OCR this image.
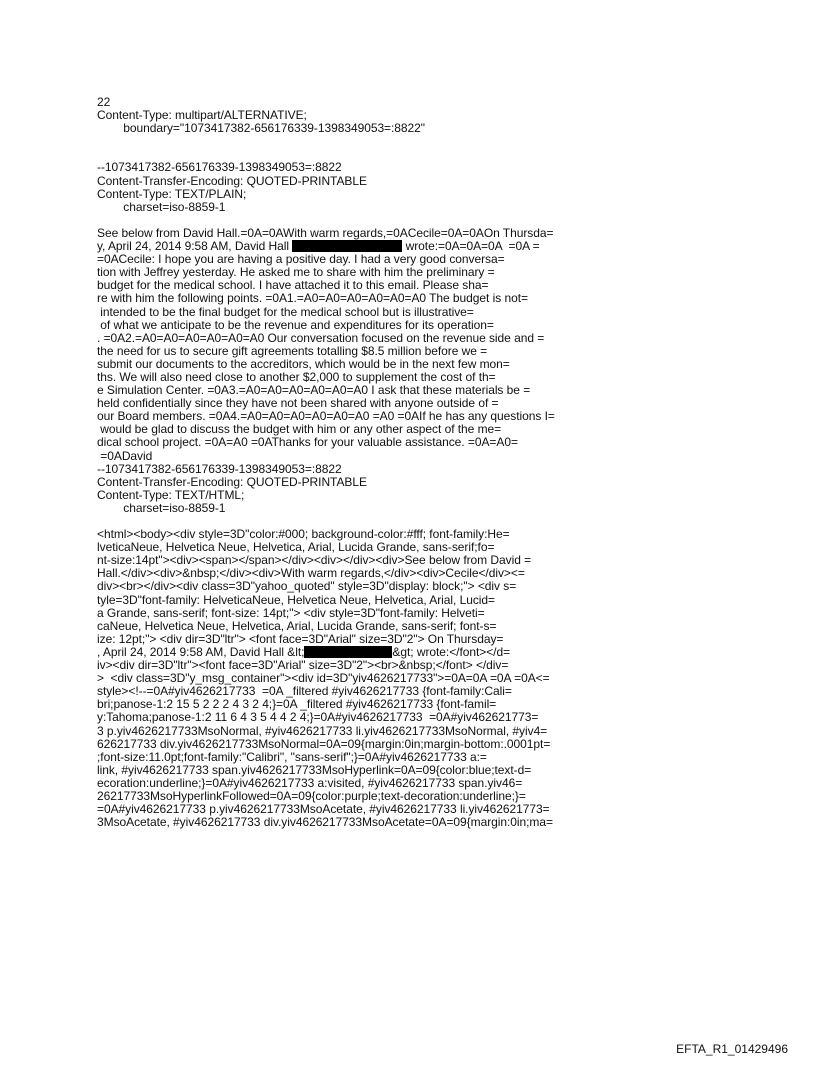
22
Content-Type: multipart/ALTERNATIVE;
boundary="1073417382-656176339-1398349053=:8822"
--1073417382-656176339-1398349053=:8822
Content-Transfer-Encoding: QUOTED-PRINTABLE
Content-Type: TEXT/PLAIN;
charset=iso-8859-1
See below from David Hall.=0A=0AWith warm regards,=0ACecile=0A=0AOn Thursda=
y, April 24, 2014 9:58 AM, David Hall	wrote:=0A=0A=0A  =0A =
=0ACecile: I hope you are having a positive day. I had a very good conversa=
tion with Jeffrey yesterday. He asked me to share with him the preliminary =
budget for the medical school. I have attached it to this email. Please sha=
re with him the following points. =0A1.=A0=A0=A0=A0=A0=A0 The budget is not=
intended to be the final budget for the medical school but is illustrative=
of what we anticipate to be the revenue and expenditures for its operation=
. =0A2.=A0=A0=A0=A0=A0=A0 Our conversation focused on the revenue side and =
the need for us to secure gift agreements totalling $8.5 million before we =
submit our documents to the accreditors, which would be in the next few mon=
ths. We will also need close to another $2,000 to supplement the cost of th=
e Simulation Center. =0A3.=A0=A0=A0=A0=A0=A0 I ask that these materials be =
held confidentially since they have not been shared with anyone outside of =
our Board members. =0A4.=A0=A0=A0=A0=A0=A0 =A0 =0AIf he has any questions I=
would be glad to discuss the budget with him or any other aspect of the me=
dical school project. =0A=A0 =0AThanks for your valuable assistance. =0A=A0=
=0ADavid
--1073417382-656176339-1398349053=:8822
Content-Transfer-Encoding: QUOTED-PRINTABLE
Content-Type: TEXT/HTML;
charset=iso-8859-1
<html><body><div style=3D"color:#000; background-color:#fff; font-family:He=
lveticaNeue, Helvetica Neue, Helvetica, Arial, Lucida Grande, sans-serif;fo=
nt-size:14pt"><div><span></span></div><div></div><div>See below from David =
Hall.</div><div>&nbsp;</div><div>With warm regards,</div><div>Cecile</div><=
div><br></div><div class=3D"yahoo_quoted" style=3D"display: block;"> <div s=
tyle=3D"font-family: HelveticaNeue, Helvetica Neue, Helvetica, Arial, Lucid=
a Grande, sans-serif; font-size: 14pt;"> <div style=3D"font-family: Helveti=
caNeue, Helvetica Neue, Helvetica, Arial, Lucida Grande, sans-serif; font-s=
ize: 12pt;"> <div dir=3D"ltr"> <font face=3D"Arial" size=3D"2"> On Thursday=
, April 24, 2014 9:58 AM, David Hall &lt;	&gt; wrote:</font></d=
iv><div dir=3D"ltr"><font face=3D"Arial" size=3D"2"><br>&nbsp;</font> </div=
>  <div class=3D"y_msg_container"><div id=3D"yiv4626217733">=0A=0A =0A =0A<=
style><!--=0A#yiv4626217733  =0A _filtered #yiv4626217733 {font-family:Cali=
bri;panose-1:2 15 5 2 2 2 4 3 2 4;}=0A _filtered #yiv4626217733 {font-famil=
y:Tahoma;panose-1:2 11 6 4 3 5 4 4 2 4;}=0A#yiv4626217733  =0A#yiv462621773=
3 p.yiv4626217733MsoNormal, #yiv4626217733 li.yiv4626217733MsoNormal, #yiv4=
626217733 div.yiv4626217733MsoNormal=0A=09{margin:0in;margin-bottom:.0001pt=
;font-size:11.0pt;font-family:"Calibri", "sans-serif";}=0A#yiv4626217733 a:=
link, #yiv4626217733 span.yiv4626217733MsoHyperlink=0A=09{color:blue;text-d=
ecoration:underline;}=0A#yiv4626217733 a:visited, #yiv4626217733 span.yiv46=
26217733MsoHyperlinkFollowed=0A=09{color:purple;text-decoration:underline;}=
=0A#yiv4626217733 p.yiv4626217733MsoAcetate, #yiv4626217733 li.yiv462621773=
3MsoAcetate, #yiv4626217733 div.yiv4626217733MsoAcetate=0A=09{margin:0in;ma=
EFTA_R1_01429496
